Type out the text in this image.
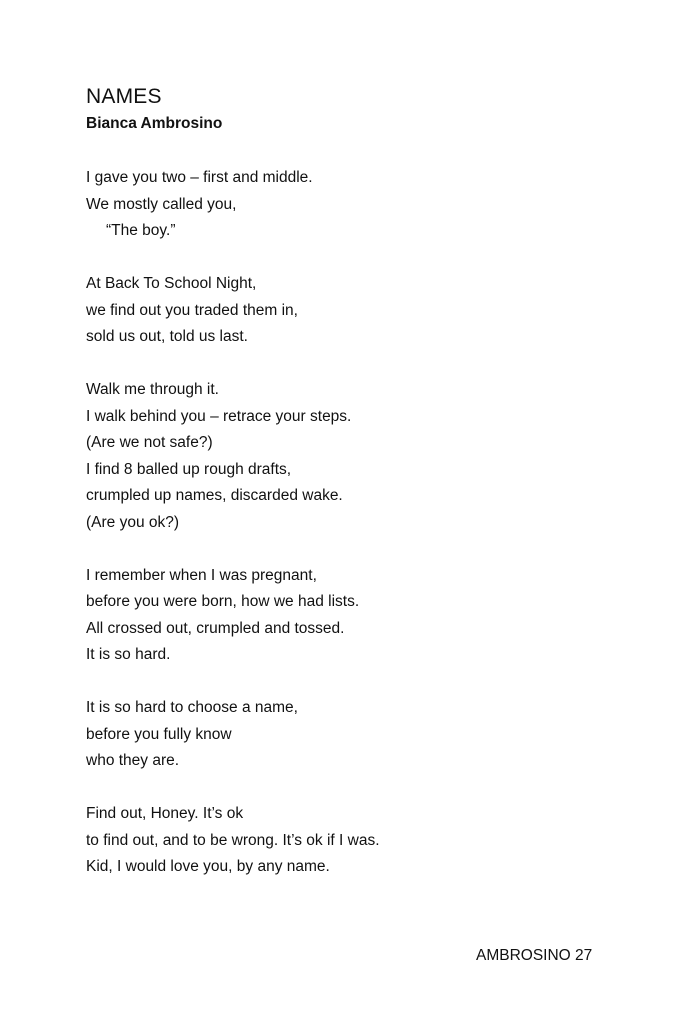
NAMES
Bianca Ambrosino
I gave you two – first and middle.
We mostly called you,
“The boy.”
At Back To School Night,
we find out you traded them in,
sold us out, told us last.
Walk me through it.
I walk behind you – retrace your steps.
(Are we not safe?)
I find 8 balled up rough drafts,
crumpled up names, discarded wake.
(Are you ok?)
I remember when I was pregnant,
before you were born, how we had lists.
All crossed out, crumpled and tossed.
It is so hard.
It is so hard to choose a name,
before you fully know
who they are.
Find out, Honey. It’s ok
to find out, and to be wrong. It’s ok if I was.
Kid, I would love you, by any name.
AMBROSINO 27
